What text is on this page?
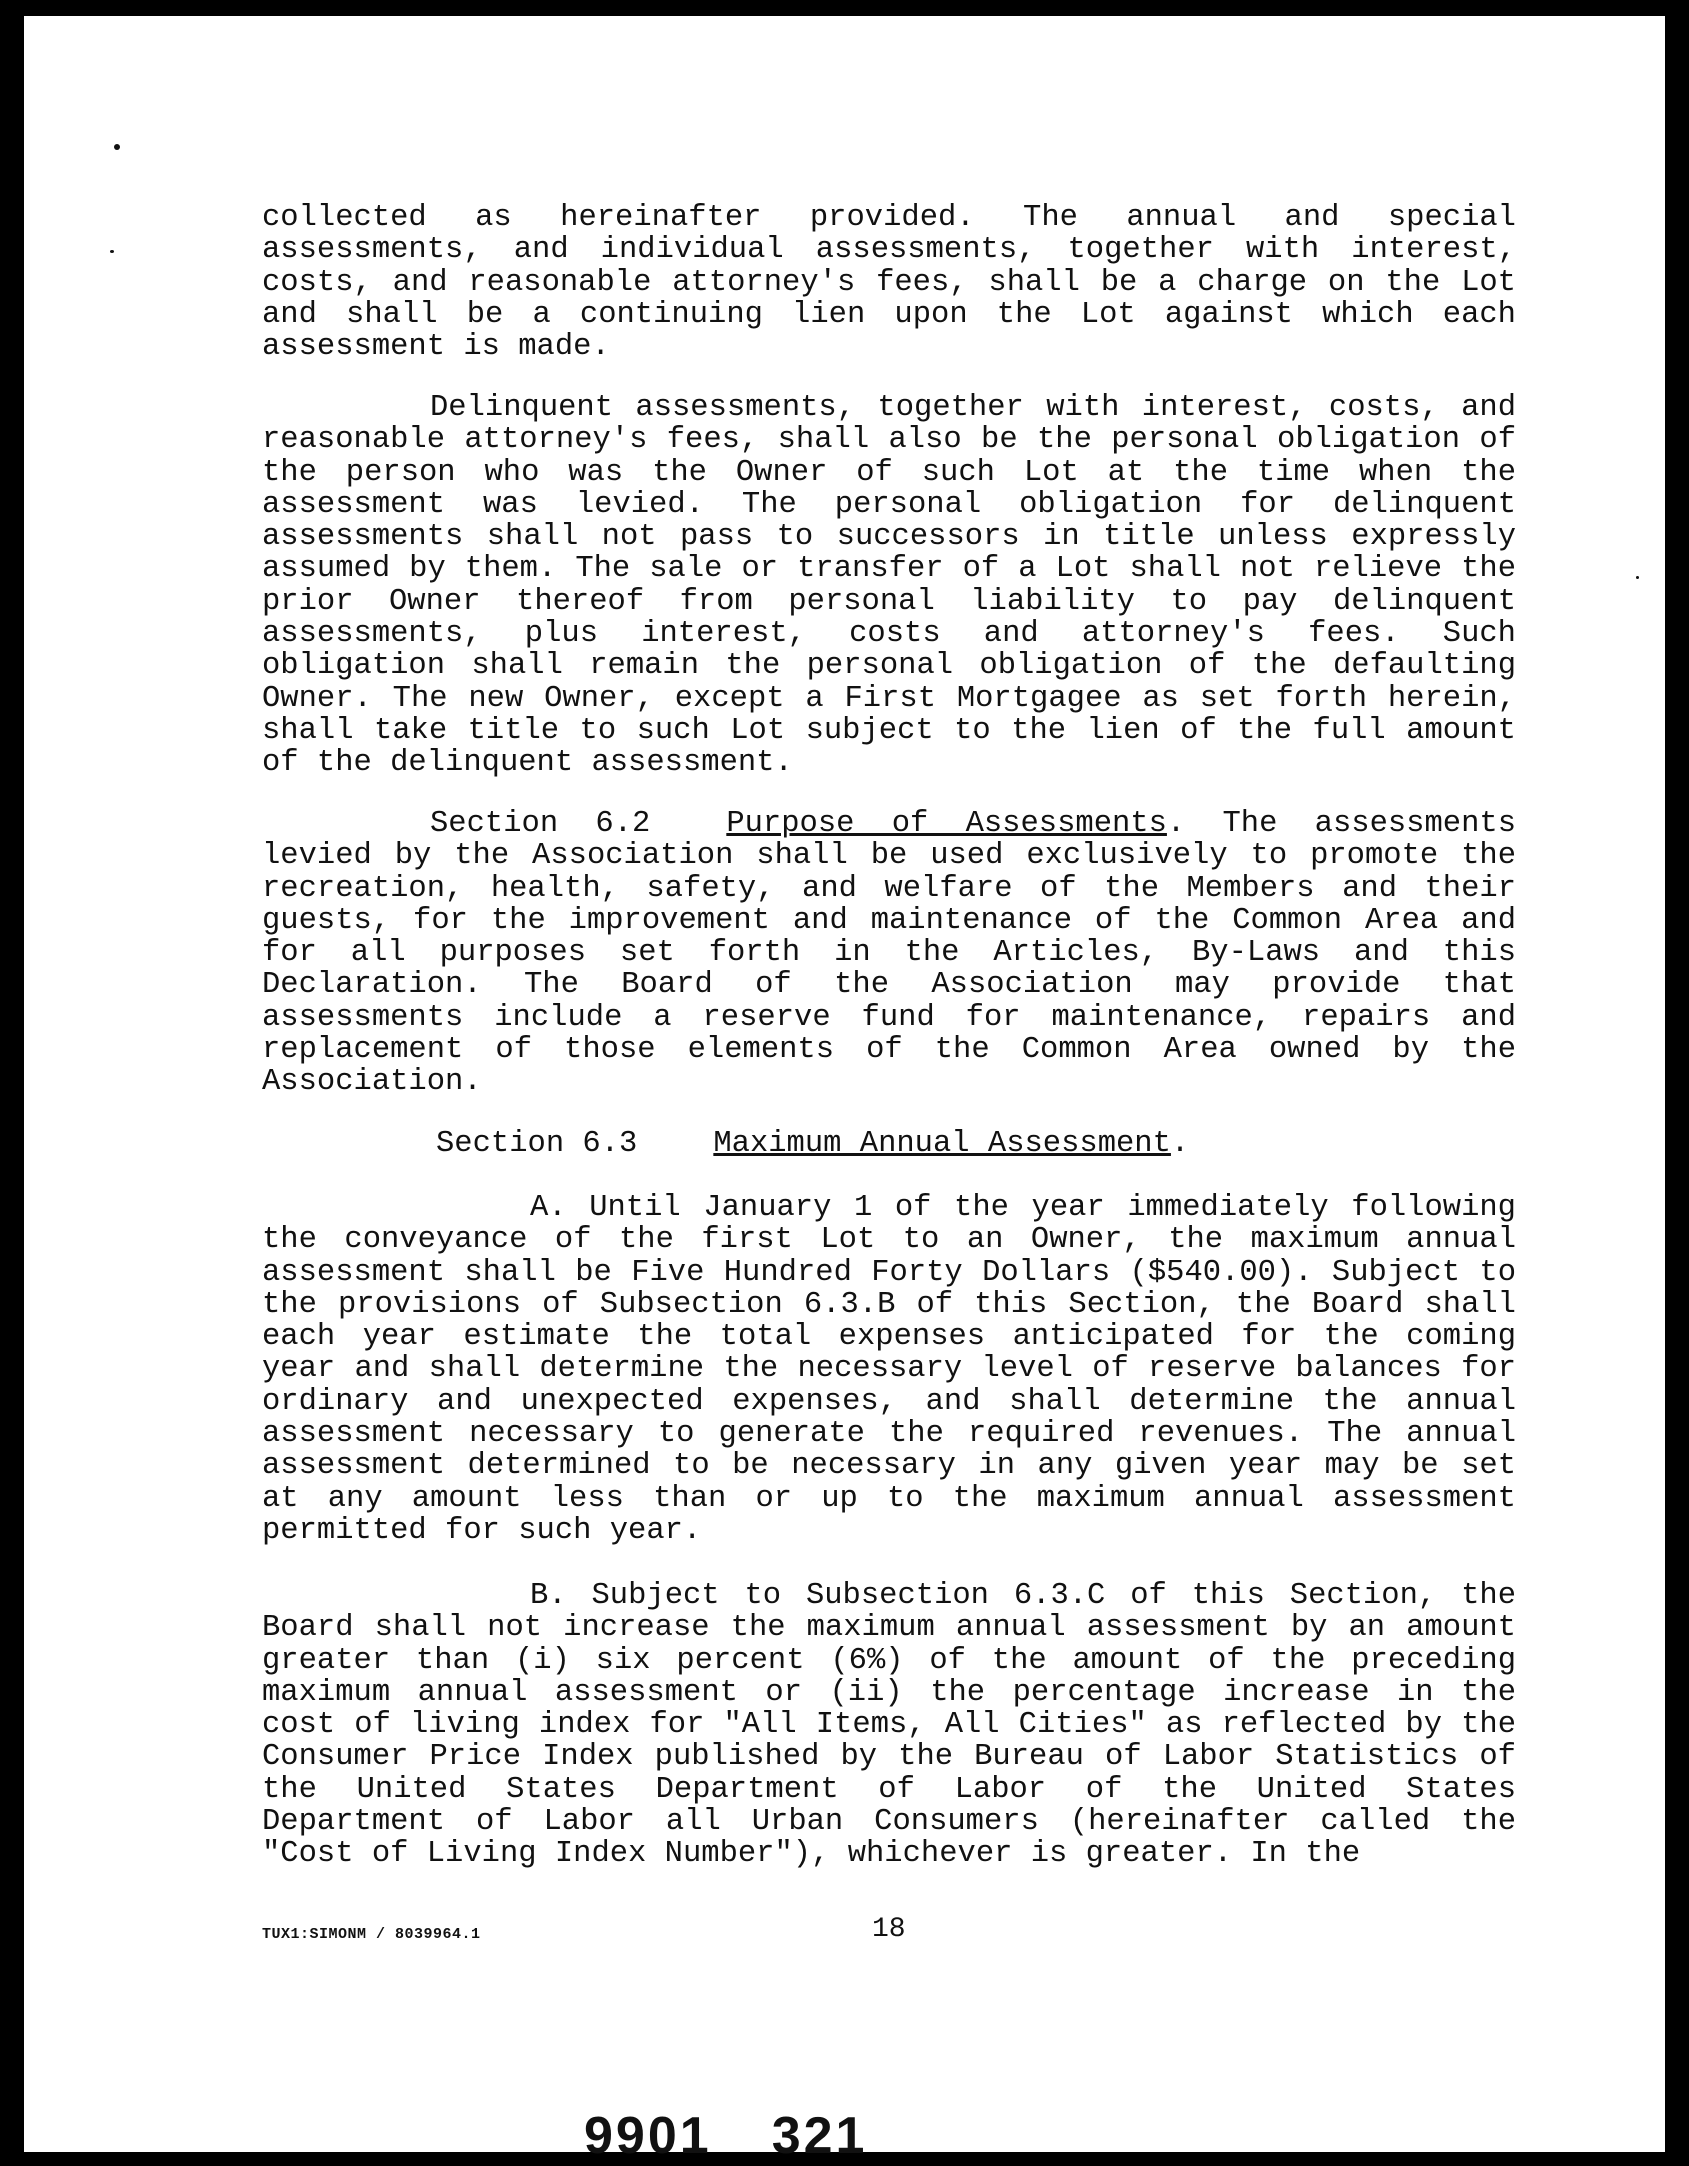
collected as hereinafter provided. The annual and special assessments, and individual assessments, together with interest, costs, and reasonable attorney's fees, shall be a charge on the Lot and shall be a continuing lien upon the Lot against which each assessment is made.

Delinquent assessments, together with interest, costs, and reasonable attorney's fees, shall also be the personal obligation of the person who was the Owner of such Lot at the time when the assessment was levied. The personal obligation for delinquent assessments shall not pass to successors in title unless expressly assumed by them. The sale or transfer of a Lot shall not relieve the prior Owner thereof from personal liability to pay delinquent assessments, plus interest, costs and attorney's fees. Such obligation shall remain the personal obligation of the defaulting Owner. The new Owner, except a First Mortgagee as set forth herein, shall take title to such Lot subject to the lien of the full amount of the delinquent assessment.

Section 6.2 Purpose of Assessments. The assessments levied by the Association shall be used exclusively to promote the recreation, health, safety, and welfare of the Members and their guests, for the improvement and maintenance of the Common Area and for all purposes set forth in the Articles, By-Laws and this Declaration. The Board of the Association may provide that assessments include a reserve fund for maintenance, repairs and replacement of those elements of the Common Area owned by the Association.

Section 6.3 Maximum Annual Assessment.

A. Until January 1 of the year immediately following the conveyance of the first Lot to an Owner, the maximum annual assessment shall be Five Hundred Forty Dollars ($540.00). Subject to the provisions of Subsection 6.3.B of this Section, the Board shall each year estimate the total expenses anticipated for the coming year and shall determine the necessary level of reserve balances for ordinary and unexpected expenses, and shall determine the annual assessment necessary to generate the required revenues. The annual assessment determined to be necessary in any given year may be set at any amount less than or up to the maximum annual assessment permitted for such year.

B. Subject to Subsection 6.3.C of this Section, the Board shall not increase the maximum annual assessment by an amount greater than (i) six percent (6%) of the amount of the preceding maximum annual assessment or (ii) the percentage increase in the cost of living index for "All Items, All Cities" as reflected by the Consumer Price Index published by the Bureau of Labor Statistics of the United States Department of Labor of the United States Department of Labor all Urban Consumers (hereinafter called the "Cost of Living Index Number"), whichever is greater. In the

TUX1:SIMONM / 8039964.1	18
9901 321
